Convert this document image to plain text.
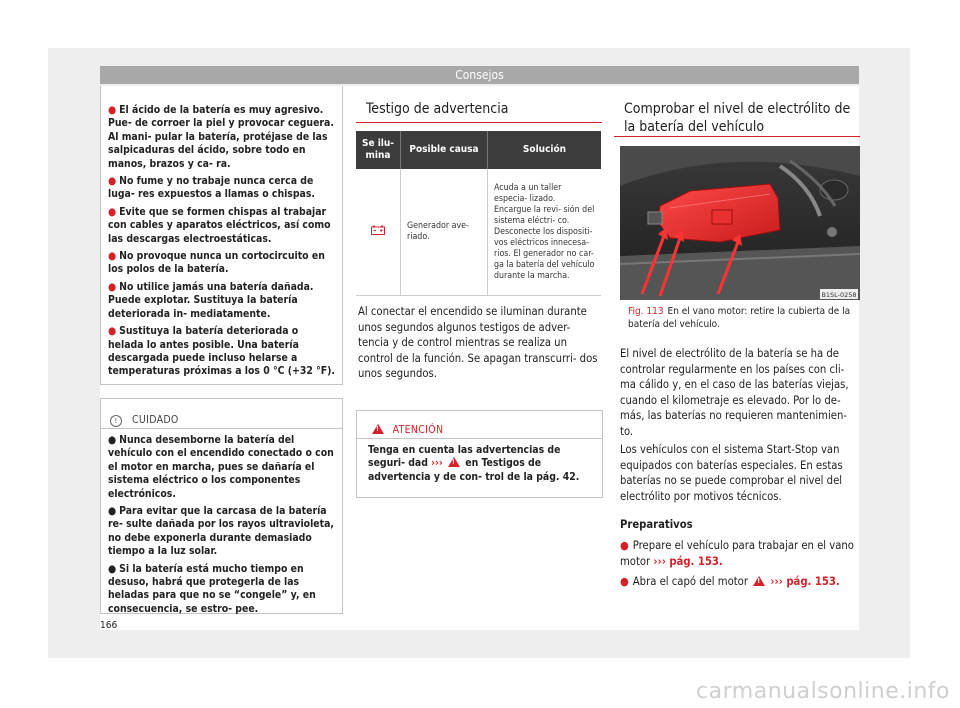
Consejos
● El ácido de la batería es muy agresivo. Pue- de corroer la piel y provocar ceguera. Al mani- pular la batería, protéjase de las salpicaduras del ácido, sobre todo en manos, brazos y ca- ra.
● No fume y no trabaje nunca cerca de luga- res expuestos a llamas o chispas.
● Evite que se formen chispas al trabajar con cables y aparatos eléctricos, así como las descargas electroestáticas.
● No provoque nunca un cortocircuito en los polos de la batería.
● No utilice jamás una batería dañada. Puede explotar. Sustituya la batería deteriorada in- mediatamente.
● Sustituya la batería deteriorada o helada lo antes posible. Una batería descargada puede incluso helarse a temperaturas próximas a los 0 °C (+32 °F).
! CUIDADO
● Nunca desemborne la batería del vehículo con el encendido conectado o con el motor en marcha, pues se dañaría el sistema eléctrico o los componentes electrónicos.
● Para evitar que la carcasa de la batería re- sulte dañada por los rayos ultravioleta, no debe exponerla durante demasiado tiempo a la luz solar.
● Si la batería está mucho tiempo en desuso, habrá que protegerla de las heladas para que no se “congele” y, en consecuencia, se estro- pee.
Testigo de advertencia
Se ilu- mina	Posible causa	Solución
	Generador ave- riado.	Acuda a un taller especia- lizado. Encargue la revi- sión del sistema eléctri- co. Desconecte los dispositi- vos eléctricos innecesa- rios. El generador no car- ga la batería del vehículo durante la marcha.

Al conectar el encendido se iluminan durante unos segundos algunos testigos de adver- tencia y de control mientras se realiza un control de la función. Se apagan transcurri- dos unos segundos.

!  ATENCIÓN
Tenga en cuenta las advertencias de seguri- dad ››› ! en Testigos de advertencia y de con- trol de la pág. 42.
Comprobar el nivel de electrólito de la batería del vehículo
B1SL-0258
Fig. 113 En el vano motor: retire la cubierta de la batería del vehículo.

El nivel de electrólito de la batería se ha de controlar regularmente en los países con cli- ma cálido y, en el caso de las baterías viejas, cuando el kilometraje es elevado. Por lo de- más, las baterías no requieren mantenimien- to.

Los vehículos con el sistema Start-Stop van equipados con baterías especiales. En estas baterías no se puede comprobar el nivel del electrólito por motivos técnicos.

Preparativos
● Prepare el vehículo para trabajar en el vano motor ››› pág. 153.
● Abra el capó del motor ! ››› pág. 153.
166
carmanualsonline.info
